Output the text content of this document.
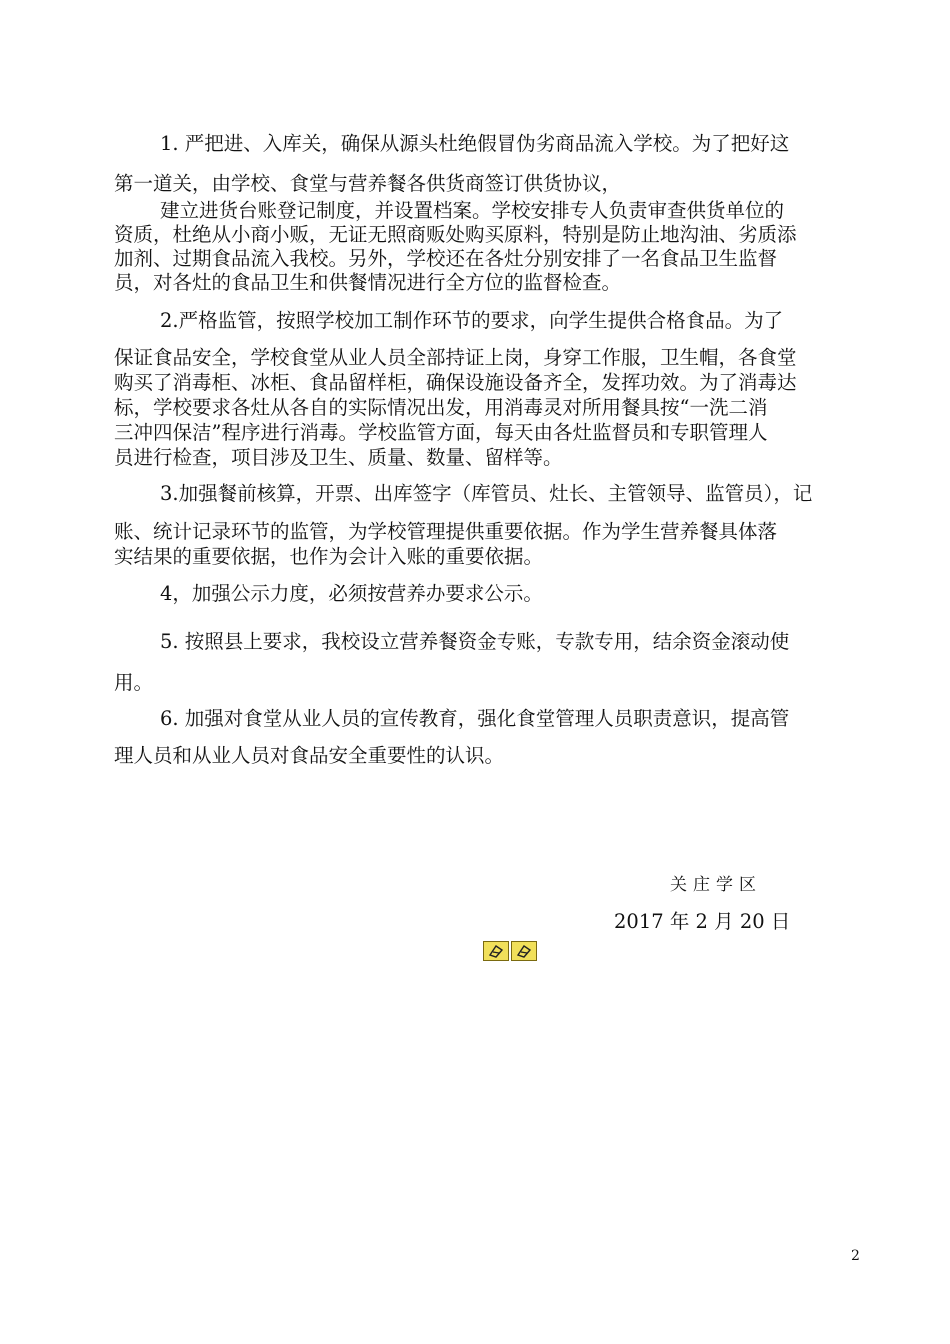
1. 严把进、入库关，确保从源头杜绝假冒伪劣商品流入学校。为了把好这
第一道关，由学校、食堂与营养餐各供货商签订供货协议，
建立进货台账登记制度，并设置档案。学校安排专人负责审查供货单位的
资质，杜绝从小商小贩，无证无照商贩处购买原料，特别是防止地沟油、劣质添
加剂、过期食品流入我校。另外，学校还在各灶分别安排了一名食品卫生监督
员，对各灶的食品卫生和供餐情况进行全方位的监督检查。
2.严格监管，按照学校加工制作环节的要求，向学生提供合格食品。为了
保证食品安全，学校食堂从业人员全部持证上岗，身穿工作服，卫生帽，各食堂
购买了消毒柜、冰柜、食品留样柜，确保设施设备齐全，发挥功效。为了消毒达
标，学校要求各灶从各自的实际情况出发，用消毒灵对所用餐具按“一洗二消
三冲四保洁”程序进行消毒。学校监管方面，每天由各灶监督员和专职管理人
员进行检查，项目涉及卫生、质量、数量、留样等。
3.加强餐前核算，开票、出库签字（库管员、灶长、主管领导、监管员），记
账、统计记录环节的监管，为学校管理提供重要依据。作为学生营养餐具体落
实结果的重要依据，也作为会计入账的重要依据。
4，加强公示力度，必须按营养办要求公示。
5. 按照县上要求，我校设立营养餐资金专账，专款专用，结余资金滚动使
用。
6. 加强对食堂从业人员的宣传教育，强化食堂管理人员职责意识，提高管
理人员和从业人员对食品安全重要性的认识。
关庄学区
2017 年 2 月 20 日
2
